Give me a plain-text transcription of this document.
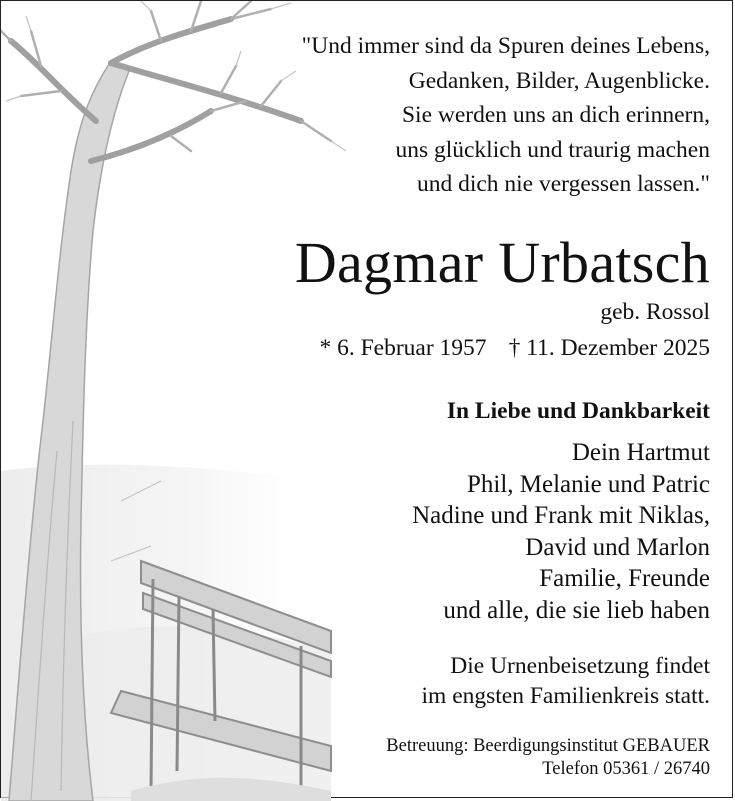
"Und immer sind da Spuren deines Lebens,
Gedanken, Bilder, Augenblicke.
Sie werden uns an dich erinnern,
uns glücklich und traurig machen
und dich nie vergessen lassen."
Dagmar Urbatsch
geb. Rossol
* 6. Februar 1957 † 11. Dezember 2025
In Liebe und Dankbarkeit
Dein Hartmut
Phil, Melanie und Patric
Nadine und Frank mit Niklas,
David und Marlon
Familie, Freunde
und alle, die sie lieb haben
Die Urnenbeisetzung findet
im engsten Familienkreis statt.
Betreuung: Beerdigungsinstitut GEBAUER
Telefon 05361 / 26740
